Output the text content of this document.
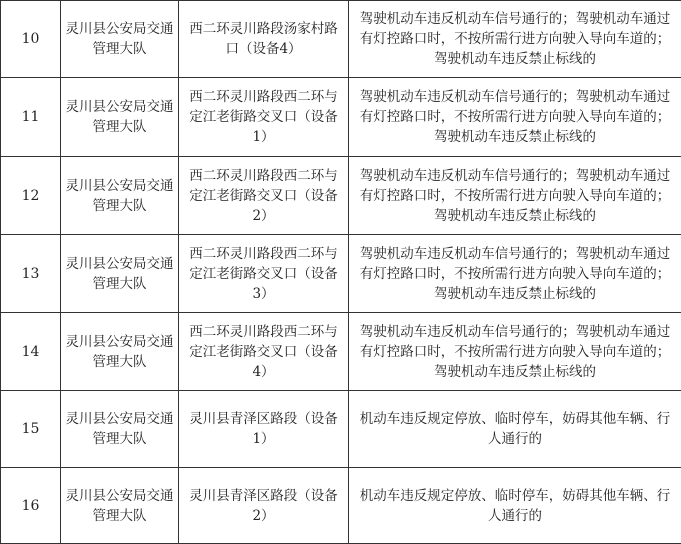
10	灵川县公安局交通管理大队	西二环灵川路段汤家村路口（设备4）	驾驶机动车违反机动车信号通行的；驾驶机动车通过有灯控路口时，不按所需行进方向驶入导向车道的；驾驶机动车违反禁止标线的
11	灵川县公安局交通管理大队	西二环灵川路段西二环与定江老街路交叉口（设备1）	驾驶机动车违反机动车信号通行的；驾驶机动车通过有灯控路口时，不按所需行进方向驶入导向车道的；驾驶机动车违反禁止标线的
12	灵川县公安局交通管理大队	西二环灵川路段西二环与定江老街路交叉口（设备2）	驾驶机动车违反机动车信号通行的；驾驶机动车通过有灯控路口时，不按所需行进方向驶入导向车道的；驾驶机动车违反禁止标线的
13	灵川县公安局交通管理大队	西二环灵川路段西二环与定江老街路交叉口（设备3）	驾驶机动车违反机动车信号通行的；驾驶机动车通过有灯控路口时，不按所需行进方向驶入导向车道的；驾驶机动车违反禁止标线的
14	灵川县公安局交通管理大队	西二环灵川路段西二环与定江老街路交叉口（设备4）	驾驶机动车违反机动车信号通行的；驾驶机动车通过有灯控路口时，不按所需行进方向驶入导向车道的；驾驶机动车违反禁止标线的
15	灵川县公安局交通管理大队	灵川县青泽区路段（设备1）	机动车违反规定停放、临时停车，妨碍其他车辆、行人通行的
16	灵川县公安局交通管理大队	灵川县青泽区路段（设备2）	机动车违反规定停放、临时停车，妨碍其他车辆、行人通行的
